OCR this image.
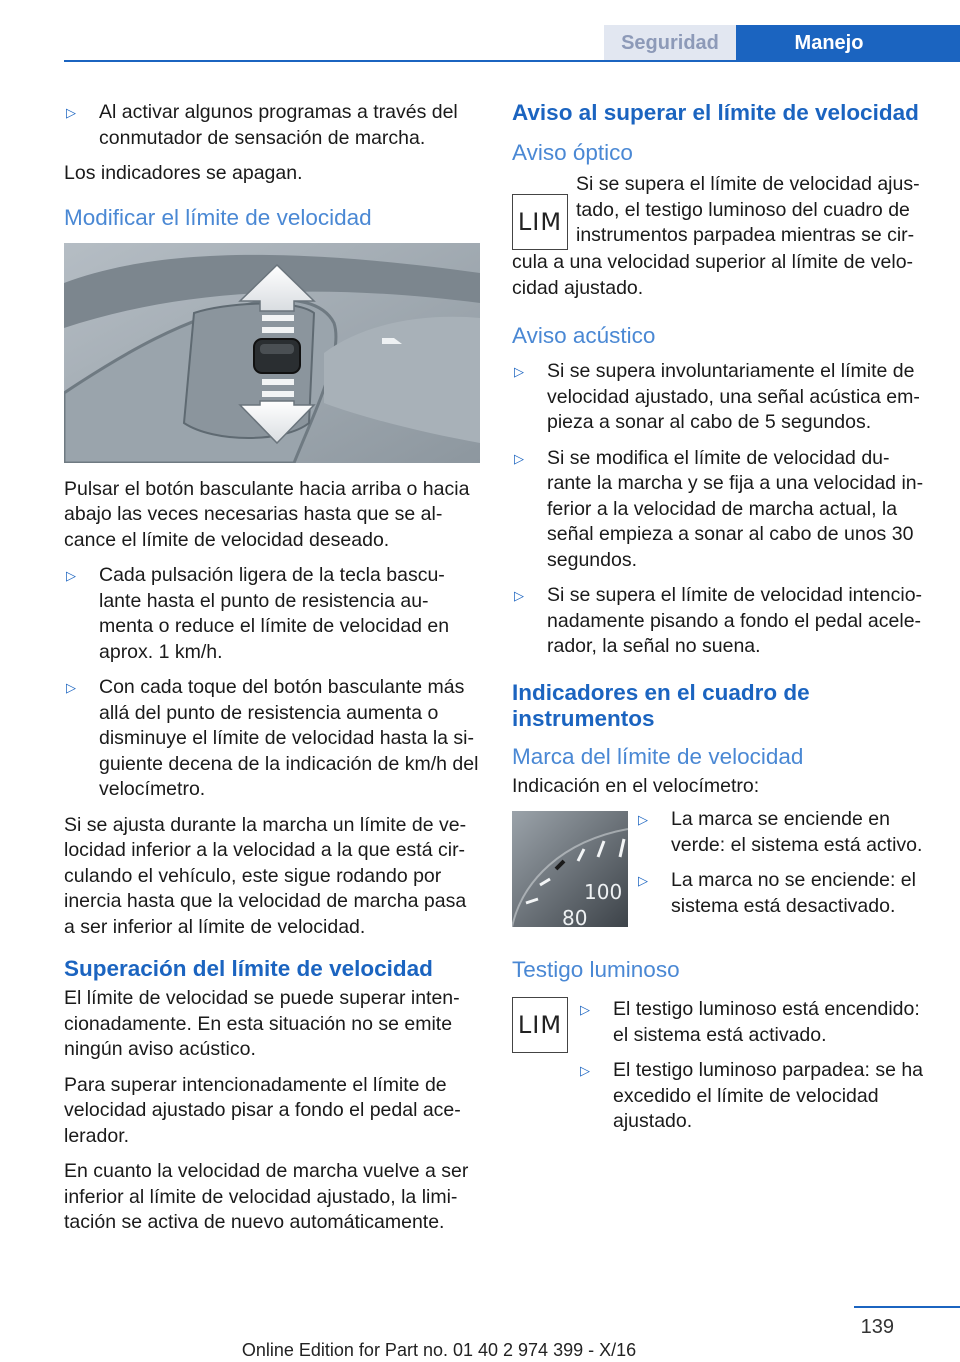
Seguridad	Manejo
▷	Al activar algunos programas a través del conmutador de sensación de marcha.

Los indicadores se apagan.

Modificar el límite de velocidad

Pulsar el botón basculante hacia arriba o hacia abajo las veces necesarias hasta que se al-cance el límite de velocidad deseado.

▷	Cada pulsación ligera de la tecla bascu-lante hasta el punto de resistencia au-menta o reduce el límite de velocidad en aprox. 1 km/h.
▷	Con cada toque del botón basculante más allá del punto de resistencia aumenta o disminuye el límite de velocidad hasta la si-guiente decena de la indicación de km/h del velocímetro.

Si se ajusta durante la marcha un límite de ve-locidad inferior a la velocidad a la que está cir-culando el vehículo, este sigue rodando por inercia hasta que la velocidad de marcha pasa a ser inferior al límite de velocidad.

Superación del límite de velocidad

El límite de velocidad se puede superar inten-cionadamente. En esta situación no se emite ningún aviso acústico.

Para superar intencionadamente el límite de velocidad ajustado pisar a fondo el pedal ace-lerador.

En cuanto la velocidad de marcha vuelve a ser inferior al límite de velocidad ajustado, la limi-tación se activa de nuevo automáticamente.

Aviso al superar el límite de velocidad
Aviso óptico
LIM

Si se supera el límite de velocidad ajus-tado, el testigo luminoso del cuadro de instrumentos parpadea mientras se cir-

cula a una velocidad superior al límite de velo-cidad ajustado.

Aviso acústico
▷	Si se supera involuntariamente el límite de velocidad ajustado, una señal acústica em-pieza a sonar al cabo de 5 segundos.
▷	Si se modifica el límite de velocidad du-rante la marcha y se fija a una velocidad in-ferior a la velocidad de marcha actual, la señal empieza a sonar al cabo de unos 30 segundos.
▷	Si se supera el límite de velocidad intencio-nadamente pisando a fondo el pedal acele-rador, la señal no suena.
Indicadores en el cuadro de instrumentos
Marca del límite de velocidad

Indicación en el velocímetro:

100
80
▷	La marca se enciende en verde: el sistema está activo.
▷	La marca no se enciende: el sistema está desactivado.
Testigo luminoso
LIM
▷	El testigo luminoso está encendido: el sistema está activado.
▷	El testigo luminoso parpadea: se ha excedido el límite de velocidad ajustado.
139
Online Edition for Part no. 01 40 2 974 399 - X/16
